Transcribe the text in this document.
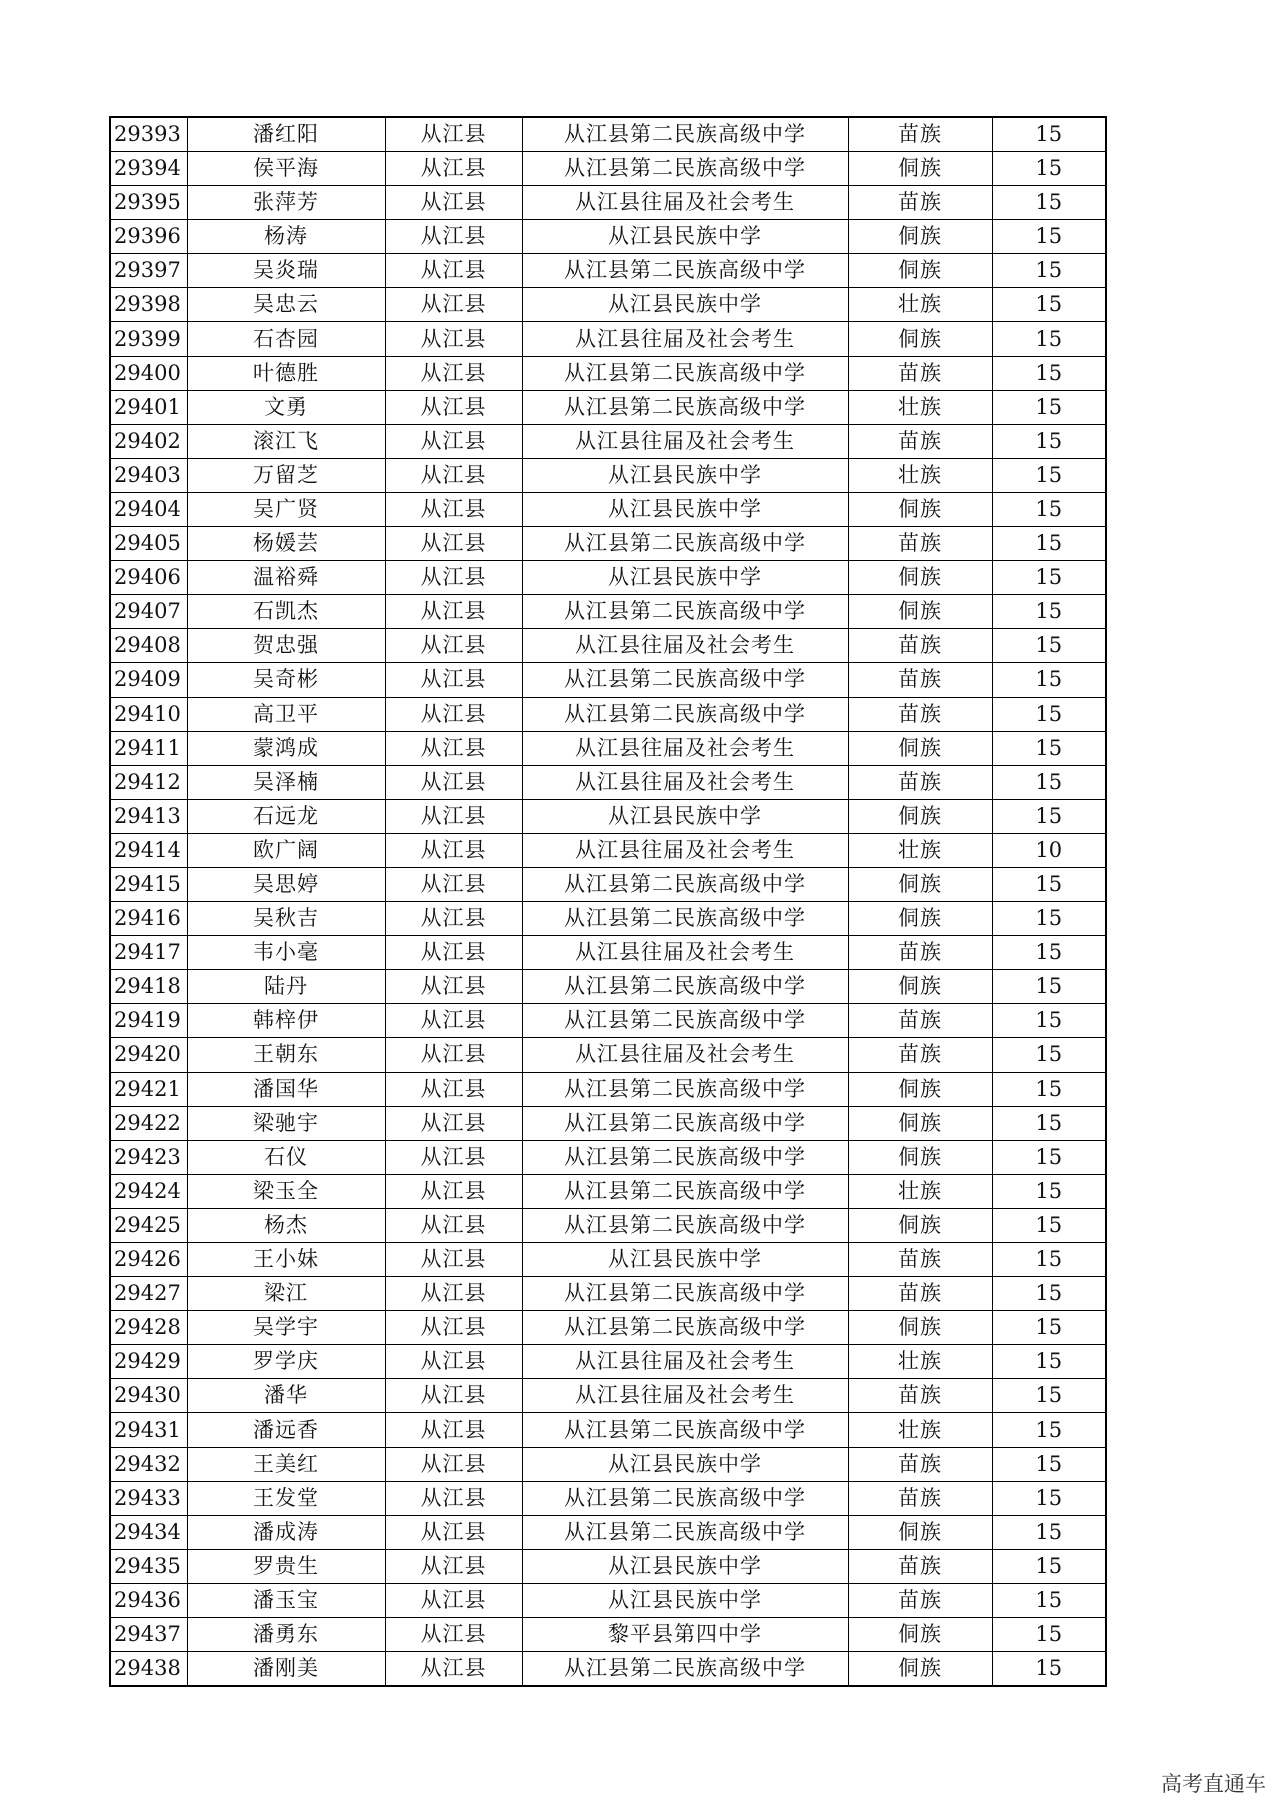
29393	潘红阳	从江县	从江县第二民族高级中学	苗族	15
29394	侯平海	从江县	从江县第二民族高级中学	侗族	15
29395	张萍芳	从江县	从江县往届及社会考生	苗族	15
29396	杨涛	从江县	从江县民族中学	侗族	15
29397	吴炎瑞	从江县	从江县第二民族高级中学	侗族	15
29398	吴忠云	从江县	从江县民族中学	壮族	15
29399	石杏园	从江县	从江县往届及社会考生	侗族	15
29400	叶德胜	从江县	从江县第二民族高级中学	苗族	15
29401	文勇	从江县	从江县第二民族高级中学	壮族	15
29402	滚江飞	从江县	从江县往届及社会考生	苗族	15
29403	万留芝	从江县	从江县民族中学	壮族	15
29404	吴广贤	从江县	从江县民族中学	侗族	15
29405	杨媛芸	从江县	从江县第二民族高级中学	苗族	15
29406	温裕舜	从江县	从江县民族中学	侗族	15
29407	石凯杰	从江县	从江县第二民族高级中学	侗族	15
29408	贺忠强	从江县	从江县往届及社会考生	苗族	15
29409	吴奇彬	从江县	从江县第二民族高级中学	苗族	15
29410	高卫平	从江县	从江县第二民族高级中学	苗族	15
29411	蒙鸿成	从江县	从江县往届及社会考生	侗族	15
29412	吴泽楠	从江县	从江县往届及社会考生	苗族	15
29413	石远龙	从江县	从江县民族中学	侗族	15
29414	欧广阔	从江县	从江县往届及社会考生	壮族	10
29415	吴思婷	从江县	从江县第二民族高级中学	侗族	15
29416	吴秋吉	从江县	从江县第二民族高级中学	侗族	15
29417	韦小毫	从江县	从江县往届及社会考生	苗族	15
29418	陆丹	从江县	从江县第二民族高级中学	侗族	15
29419	韩梓伊	从江县	从江县第二民族高级中学	苗族	15
29420	王朝东	从江县	从江县往届及社会考生	苗族	15
29421	潘国华	从江县	从江县第二民族高级中学	侗族	15
29422	梁驰宇	从江县	从江县第二民族高级中学	侗族	15
29423	石仪	从江县	从江县第二民族高级中学	侗族	15
29424	梁玉全	从江县	从江县第二民族高级中学	壮族	15
29425	杨杰	从江县	从江县第二民族高级中学	侗族	15
29426	王小妹	从江县	从江县民族中学	苗族	15
29427	梁江	从江县	从江县第二民族高级中学	苗族	15
29428	吴学宇	从江县	从江县第二民族高级中学	侗族	15
29429	罗学庆	从江县	从江县往届及社会考生	壮族	15
29430	潘华	从江县	从江县往届及社会考生	苗族	15
29431	潘远香	从江县	从江县第二民族高级中学	壮族	15
29432	王美红	从江县	从江县民族中学	苗族	15
29433	王发堂	从江县	从江县第二民族高级中学	苗族	15
29434	潘成涛	从江县	从江县第二民族高级中学	侗族	15
29435	罗贵生	从江县	从江县民族中学	苗族	15
29436	潘玉宝	从江县	从江县民族中学	苗族	15
29437	潘勇东	从江县	黎平县第四中学	侗族	15
29438	潘刚美	从江县	从江县第二民族高级中学	侗族	15
高考直通车
